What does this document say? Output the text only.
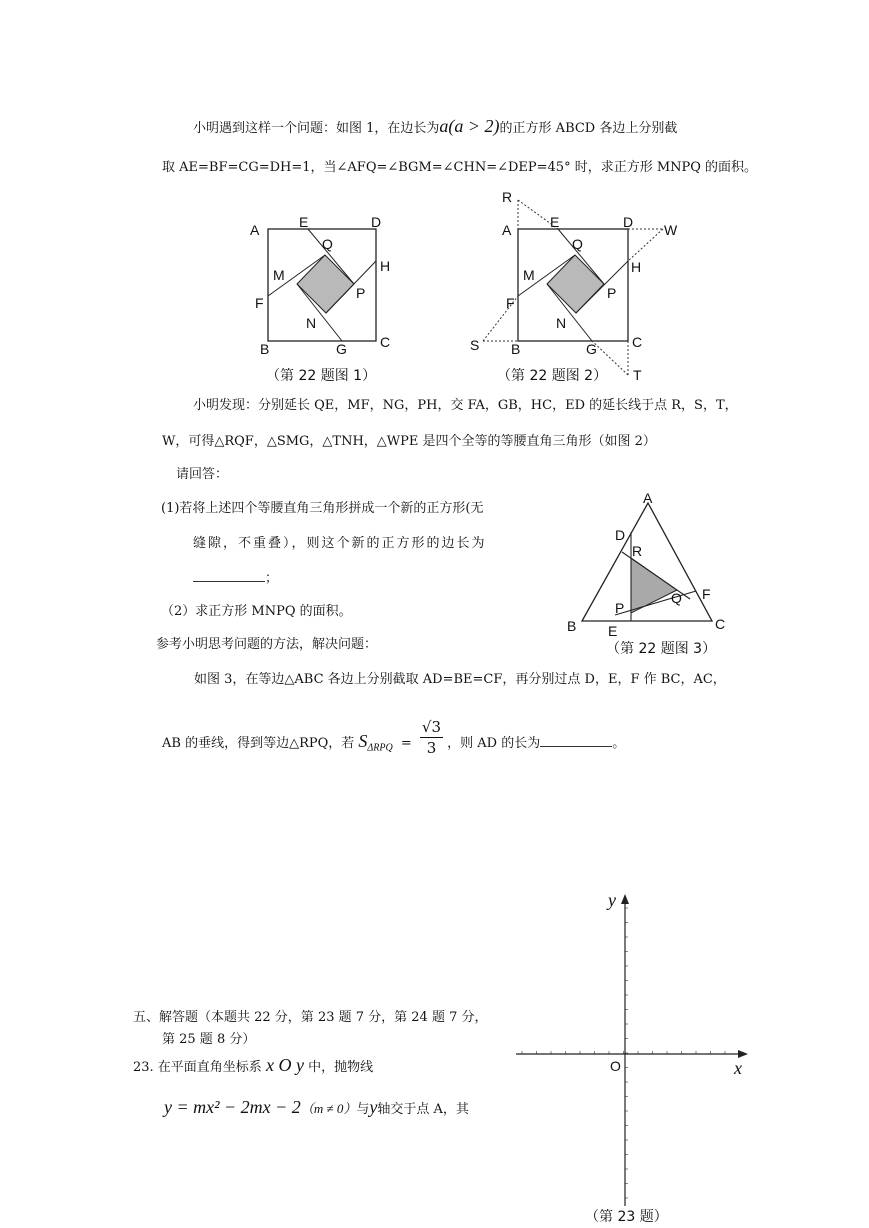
小明遇到这样一个问题：如图 1，在边长为a(a > 2)的正方形 ABCD 各边上分别截
取 AE=BF=CG=DH=1，当∠AFQ=∠BGM=∠CHN=∠DEP=45° 时，求正方形 MNPQ 的面积。
A	E	D
Q
M
H
F
P
N
B	G C
（第 22 题图 1）
R
A	E	D W
Q
M	H
F
P
N
S B	G	C
T
（第 22 题图 2）
小明发现：分别延长 QE，MF，NG，PH，交 FA，GB，HC，ED 的延长线于点 R，S，T，
W，可得△RQF，△SMG，△TNH，△WPE 是四个全等的等腰直角三角形（如图 2）
请回答：
(1)若将上述四个等腰直角三角形拼成一个新的正方形(无
缝隙，不重叠），则这个新的正方形的边长为
；
（2）求正方形 MNPQ 的面积。
参考小明思考问题的方法，解决问题：
A
D
R
F
Q
P
B E	C
（第 22 题图 3）
如图 3，在等边△ABC 各边上分别截取 AD=BE=CF，再分别过点 D，E，F 作 BC，AC，
AB 的垂线，得到等边△RPQ，若 $S_{\Delta RPQ} = \frac{√3}{3}$ ，则 AD 的长为	。
五、解答题（本题共 22 分，第 23 题 7 分，第 24 题 7 分，
第 25 题 8 分）
23. 在平面直角坐标系 x O y 中，抛物线
y = mx² − 2mx − 2（m ≠ 0）与y轴交于点 A，其
y
x
O
（第 23 题）
